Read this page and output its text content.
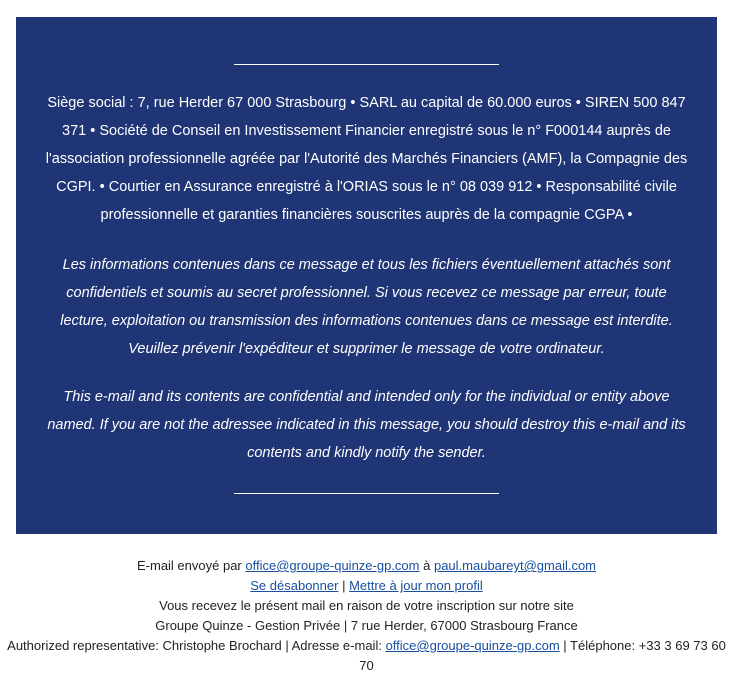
Siège social : 7, rue Herder 67 000 Strasbourg • SARL au capital de 60.000 euros • SIREN 500 847 371 • Société de Conseil en Investissement Financier enregistré sous le n° F000144 auprès de l'association professionnelle agréée par l'Autorité des Marchés Financiers (AMF), la Compagnie des CGPI. • Courtier en Assurance enregistré à l'ORIAS sous le n° 08 039 912 • Responsabilité civile professionnelle et garanties financières souscrites auprès de la compagnie CGPA •
Les informations contenues dans ce message et tous les fichiers éventuellement attachés sont confidentiels et soumis au secret professionnel. Si vous recevez ce message par erreur, toute lecture, exploitation ou transmission des informations contenues dans ce message est interdite. Veuillez prévenir l'expéditeur et supprimer le message de votre ordinateur.
This e-mail and its contents are confidential and intended only for the individual or entity above named. If you are not the adressee indicated in this message, you should destroy this e-mail and its contents and kindly notify the sender.

E-mail envoyé par office@groupe-quinze-gp.com à paul.maubareyt@gmail.com

Se désabonner | Mettre à jour mon profil

Vous recevez le présent mail en raison de votre inscription sur notre site

Groupe Quinze - Gestion Privée | 7 rue Herder, 67000 Strasbourg France

Authorized representative: Christophe Brochard | Adresse e-mail: office@groupe-quinze-gp.com | Téléphone: +33 3 69 73 60 70
